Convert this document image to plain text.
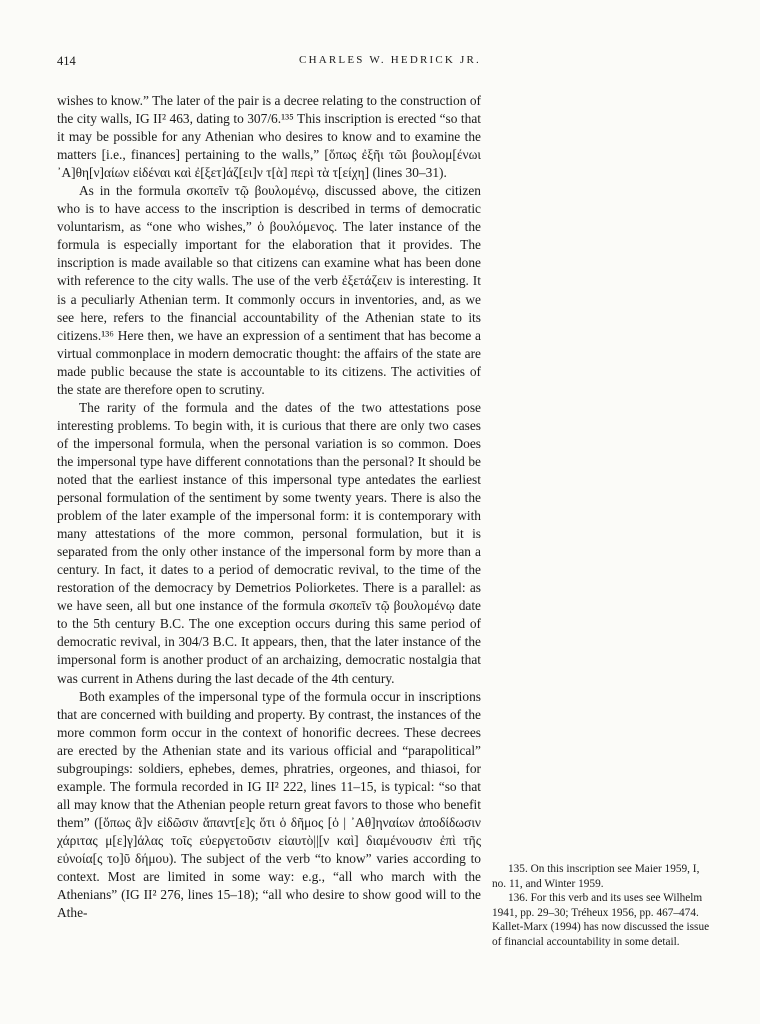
414	CHARLES W. HEDRICK JR.

wishes to know.” The later of the pair is a decree relating to the construction of the city walls, IG II² 463, dating to 307/6.¹³⁵ This inscription is erected “so that it may be possible for any Athenian who desires to know and to examine the matters [i.e., finances] pertaining to the walls,” [ὅπως ἐξῆι τῶι βουλομ[ένωι ᾿Α]θη[ν]αίων εἰδέναι καὶ ἐ[ξετ]άζ[ει]ν τ[ὰ] περὶ τὰ τ[είχη] (lines 30–31).

As in the formula σκοπεῖν τῷ βουλομένῳ, discussed above, the citizen who is to have access to the inscription is described in terms of democratic voluntarism, as “one who wishes,” ὁ βουλόμενος. The later instance of the formula is especially important for the elaboration that it provides. The inscription is made available so that citizens can examine what has been done with reference to the city walls. The use of the verb ἐξετάζειν is interesting. It is a peculiarly Athenian term. It commonly occurs in inventories, and, as we see here, refers to the financial accountability of the Athenian state to its citizens.¹³⁶ Here then, we have an expression of a sentiment that has become a virtual commonplace in modern democratic thought: the affairs of the state are made public because the state is accountable to its citizens. The activities of the state are therefore open to scrutiny.

The rarity of the formula and the dates of the two attestations pose interesting problems. To begin with, it is curious that there are only two cases of the impersonal formula, when the personal variation is so common. Does the impersonal type have different connotations than the personal? It should be noted that the earliest instance of this impersonal type antedates the earliest personal formulation of the sentiment by some twenty years. There is also the problem of the later example of the impersonal form: it is contemporary with many attestations of the more common, personal formulation, but it is separated from the only other instance of the impersonal form by more than a century. In fact, it dates to a period of democratic revival, to the time of the restoration of the democracy by Demetrios Poliorketes. There is a parallel: as we have seen, all but one instance of the formula σκοπεῖν τῷ βουλομένῳ date to the 5th century B.C. The one exception occurs during this same period of democratic revival, in 304/3 B.C. It appears, then, that the later instance of the impersonal form is another product of an archaizing, democratic nostalgia that was current in Athens during the last decade of the 4th century.

Both examples of the impersonal type of the formula occur in inscriptions that are concerned with building and property. By contrast, the instances of the more common form occur in the context of honorific decrees. These decrees are erected by the Athenian state and its various official and “parapolitical” subgroupings: soldiers, ephebes, demes, phratries, orgeones, and thiasoi, for example. The formula recorded in IG II² 222, lines 11–15, is typical: “so that all may know that the Athenian people return great favors to those who benefit them” ([ὅπως ἂ]ν εἰδῶσιν ἅπαντ[ε]ς ὅτι ὁ δῆμος [ὁ | ᾿Αθ]ηναίων ἀποδίδωσιν χάριτας μ[ε]γ]άλας τοῖς εὐεργετοῦσιν εἰαυτὸ||[ν καὶ] διαμένουσιν ἐπὶ τῆς εὐνοία[ς το]ῦ δήμου). The subject of the verb “to know” varies according to context. Most are limited in some way: e.g., “all who march with the Athenians” (IG II² 276, lines 15–18); “all who desire to show good will to the Athe-

135. On this inscription see Maier 1959, I, no. 11, and Winter 1959.

136. For this verb and its uses see Wilhelm 1941, pp. 29–30; Tréheux 1956, pp. 467–474. Kallet-Marx (1994) has now discussed the issue of financial accountability in some detail.
